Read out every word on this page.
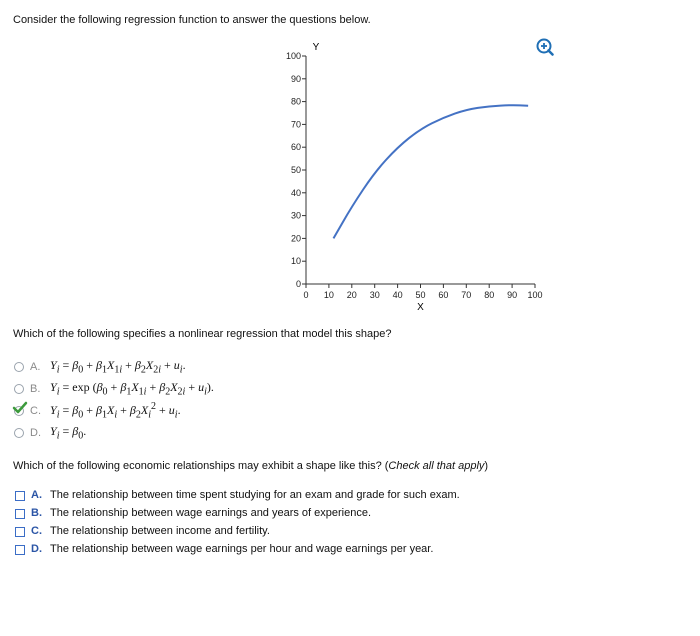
Consider the following regression function to answer the questions below.
0
10
20
30
40
50
60
70
80
90
100
0 10 20 30 40 50 60 70 80 90 100
Y
X
Which of the following specifies a nonlinear regression that model this shape?
A. $Y_i = \beta_0 + \beta_1X_{1i} + \beta_2X_{2i} + u_i$.
B. $Y_i = \exp (\beta_0 + \beta_1X_{1i} + \beta_2X_{2i} + u_i)$.
C. $Y_i = \beta_0 + \beta_1X_i + \beta_2X_i^2 + u_i$.
D. $Y_i = \beta_0$.
Which of the following economic relationships may exhibit a shape like this? (Check all that apply)
A. The relationship between time spent studying for an exam and grade for such exam.
B. The relationship between wage earnings and years of experience.
C. The relationship between income and fertility.
D. The relationship between wage earnings per hour and wage earnings per year.
